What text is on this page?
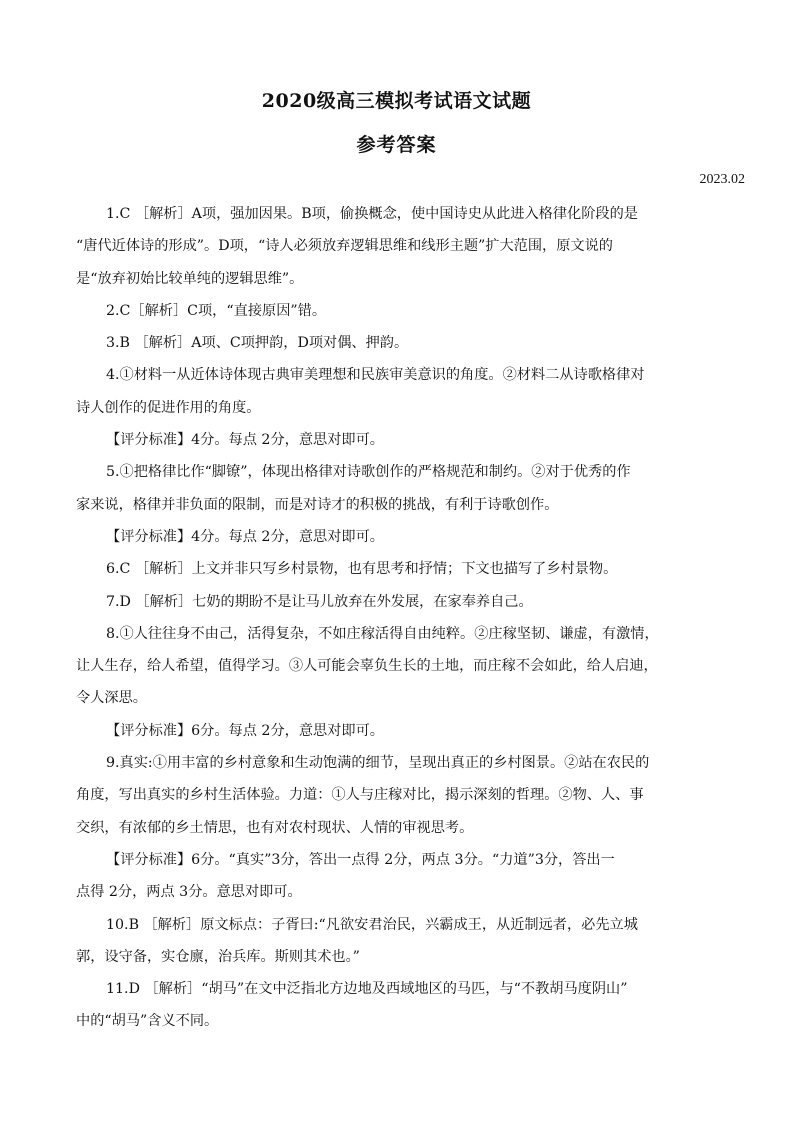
2020级高三模拟考试语文试题
参考答案
2023.02
1.C ［解析］A项，强加因果。B项，偷换概念，使中国诗史从此进入格律化阶段的是
“唐代近体诗的形成”。D项，“诗人必须放弃逻辑思维和线形主题”扩大范围，原文说的
是“放弃初始比较单纯的逻辑思维”。
2.C［解析］C项，“直接原因”错。
3.B ［解析］A项、C项押韵，D项对偶、押韵。
4.①材料一从近体诗体现古典审美理想和民族审美意识的角度。②材料二从诗歌格律对
诗人创作的促进作用的角度。
【评分标准】4分。每点 2分，意思对即可。
5.①把格律比作“脚镣”，体现出格律对诗歌创作的严格规范和制约。②对于优秀的作
家来说，格律并非负面的限制，而是对诗才的积极的挑战，有利于诗歌创作。
【评分标准】4分。每点 2分，意思对即可。
6.C ［解析］上文并非只写乡村景物，也有思考和抒情；下文也描写了乡村景物。
7.D ［解析］七奶的期盼不是让马儿放弃在外发展，在家奉养自己。
8.①人往往身不由己，活得复杂，不如庄稼活得自由纯粹。②庄稼坚韧、谦虚，有激情，
让人生存，给人希望，值得学习。③人可能会辜负生长的土地，而庄稼不会如此，给人启迪，
令人深思。
【评分标准】6分。每点 2分，意思对即可。
9.真实:①用丰富的乡村意象和生动饱满的细节，呈现出真正的乡村图景。②站在农民的
角度，写出真实的乡村生活体验。力道：①人与庄稼对比，揭示深刻的哲理。②物、人、事
交织，有浓郁的乡土情思，也有对农村现状、人情的审视思考。
【评分标准】6分。“真实”3分，答出一点得 2分，两点 3分。“力道”3分，答出一
点得 2分，两点 3分。意思对即可。
10.B ［解析］原文标点：子胥曰:“凡欲安君治民，兴霸成王，从近制远者，必先立城
郭，设守备，实仓廪，治兵库。斯则其术也。”
11.D ［解析］“胡马”在文中泛指北方边地及西域地区的马匹，与“不教胡马度阴山”
中的“胡马”含义不同。
